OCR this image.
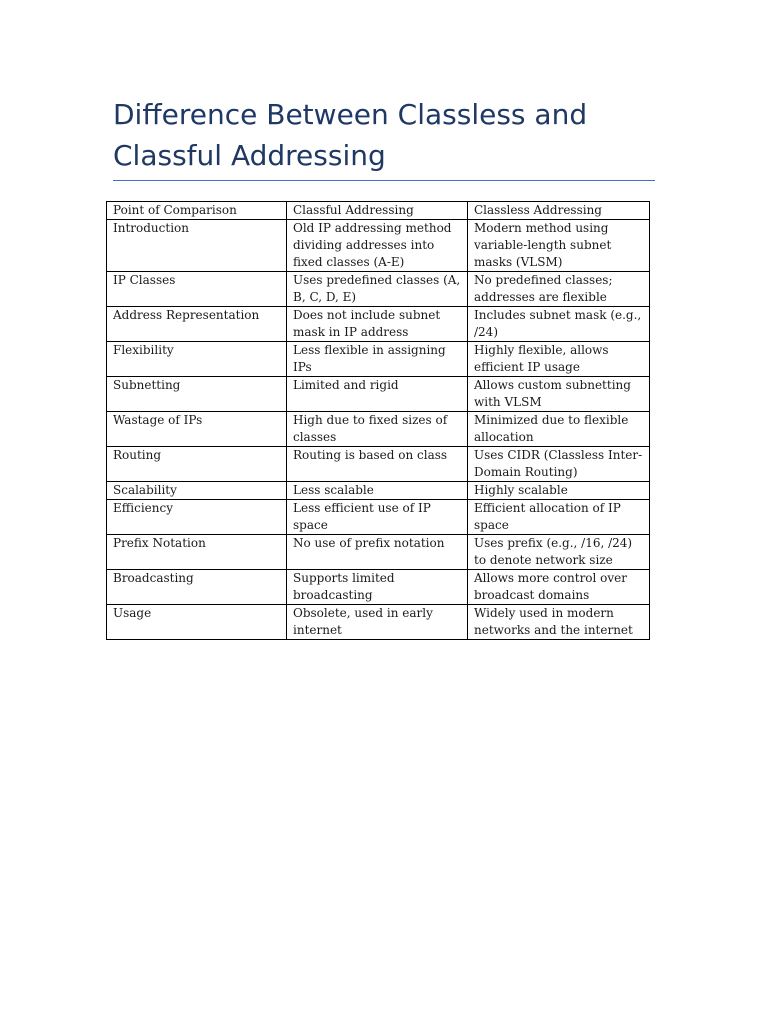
Difference Between Classless and Classful Addressing
Point of Comparison	Classful Addressing	Classless Addressing
Introduction	Old IP addressing method dividing addresses into fixed classes (A-E)	Modern method using variable-length subnet masks (VLSM)
IP Classes	Uses predefined classes (A, B, C, D, E)	No predefined classes; addresses are flexible
Address Representation	Does not include subnet mask in IP address	Includes subnet mask (e.g., /24)
Flexibility	Less flexible in assigning IPs	Highly flexible, allows efficient IP usage
Subnetting	Limited and rigid	Allows custom subnetting with VLSM
Wastage of IPs	High due to fixed sizes of classes	Minimized due to flexible allocation
Routing	Routing is based on class	Uses CIDR (Classless Inter-Domain Routing)
Scalability	Less scalable	Highly scalable
Efficiency	Less efficient use of IP space	Efficient allocation of IP space
Prefix Notation	No use of prefix notation	Uses prefix (e.g., /16, /24) to denote network size
Broadcasting	Supports limited broadcasting	Allows more control over broadcast domains
Usage	Obsolete, used in early internet	Widely used in modern networks and the internet
